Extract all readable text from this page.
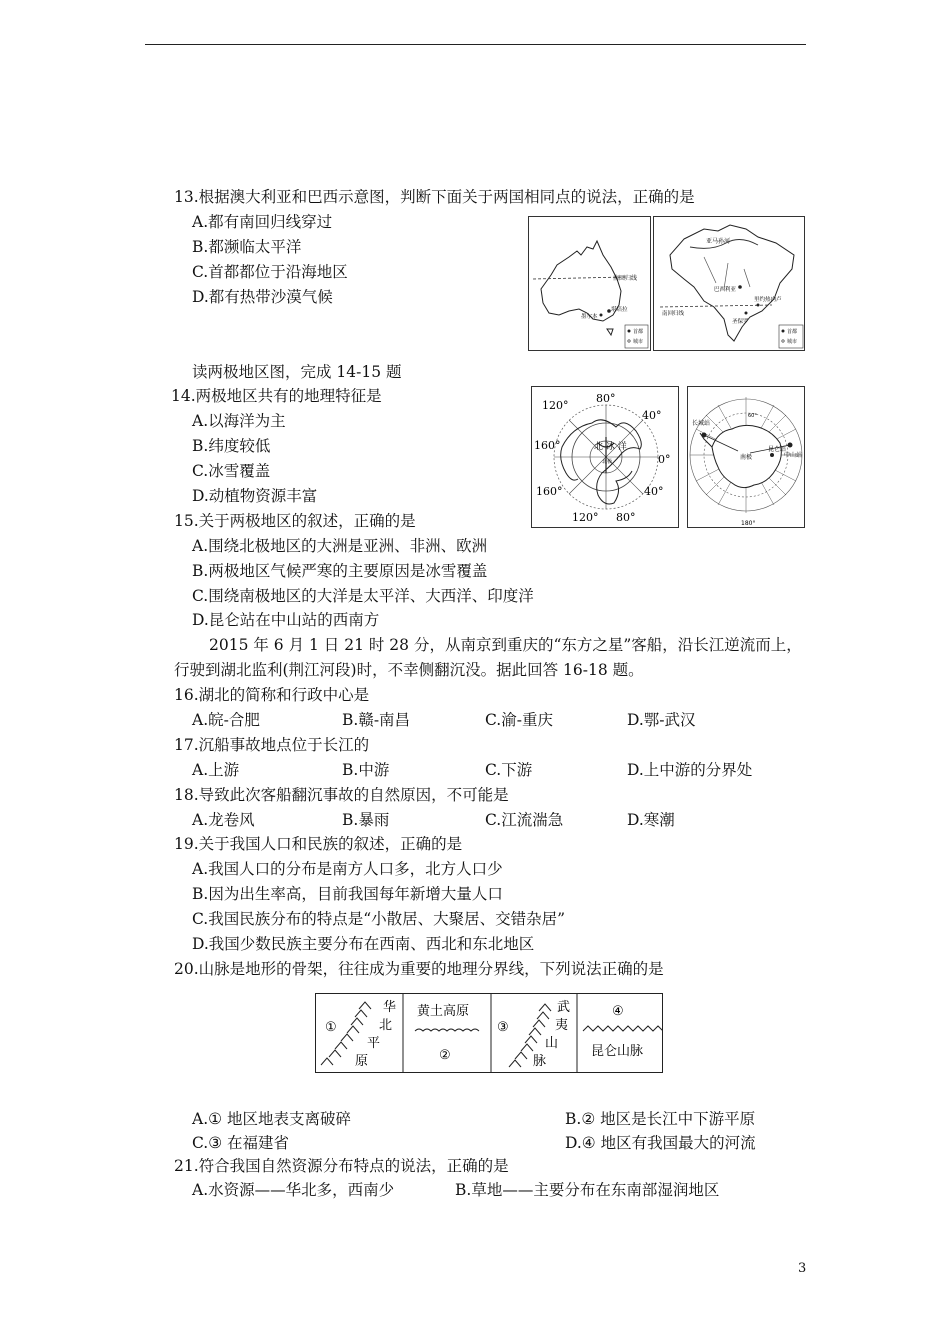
13.根据澳大利亚和巴西示意图，判断下面关于两国相同点的说法，正确的是
A.都有南回归线穿过
B.都濒临太平洋
C.首都都位于沿海地区
D.都有热带沙漠气候
南回归线
堪培拉
墨尔本
首都
城市
亚马孙河
巴西利亚
南回归线
里约热内卢
圣保罗
首都
城市
读两极地区图，完成 14-15 题
14.两极地区共有的地理特征是
A.以海洋为主
B.纬度较低
C.冰雪覆盖
D.动植物资源丰富
120°
80°
40°
160°
0°
160°	40°
120° 80°
北 冰 洋
北极
长城站
中山站
南极
昆仑站
180°
60°
15.关于两极地区的叙述，正确的是
A.围绕北极地区的大洲是亚洲、非洲、欧洲
B.两极地区气候严寒的主要原因是冰雪覆盖
C.围绕南极地区的大洋是太平洋、大西洋、印度洋
D.昆仑站在中山站的西南方
2015 年 6 月 1 日 21 时 28 分，从南京到重庆的“东方之星”客船，沿长江逆流而上，
行驶到湖北监利(荆江河段)时，不幸侧翻沉没。据此回答 16-18 题。
16.湖北的简称和行政中心是
A.皖-合肥	B.赣-南昌	C.渝-重庆	D.鄂-武汉
17.沉船事故地点位于长江的
A.上游	B.中游	C.下游	D.上中游的分界处
18.导致此次客船翻沉事故的自然原因，不可能是
A.龙卷风	B.暴雨	C.江流湍急	D.寒潮
19.关于我国人口和民族的叙述，正确的是
A.我国人口的分布是南方人口多，北方人口少
B.因为出生率高，目前我国每年新增大量人口
C.我国民族分布的特点是“小散居、大聚居、交错杂居”
D.我国少数民族主要分布在西南、西北和东北地区
20.山脉是地形的骨架，往往成为重要的地理分界线，下列说法正确的是
①
华
北
平
原
黄土高原
②
③
武
夷
山
脉
④
昆仑山脉
A.① 地区地表支离破碎	B.② 地区是长江中下游平原
C.③ 在福建省	D.④ 地区有我国最大的河流
21.符合我国自然资源分布特点的说法，正确的是
A.水资源——华北多，西南少	B.草地——主要分布在东南部湿润地区
3
